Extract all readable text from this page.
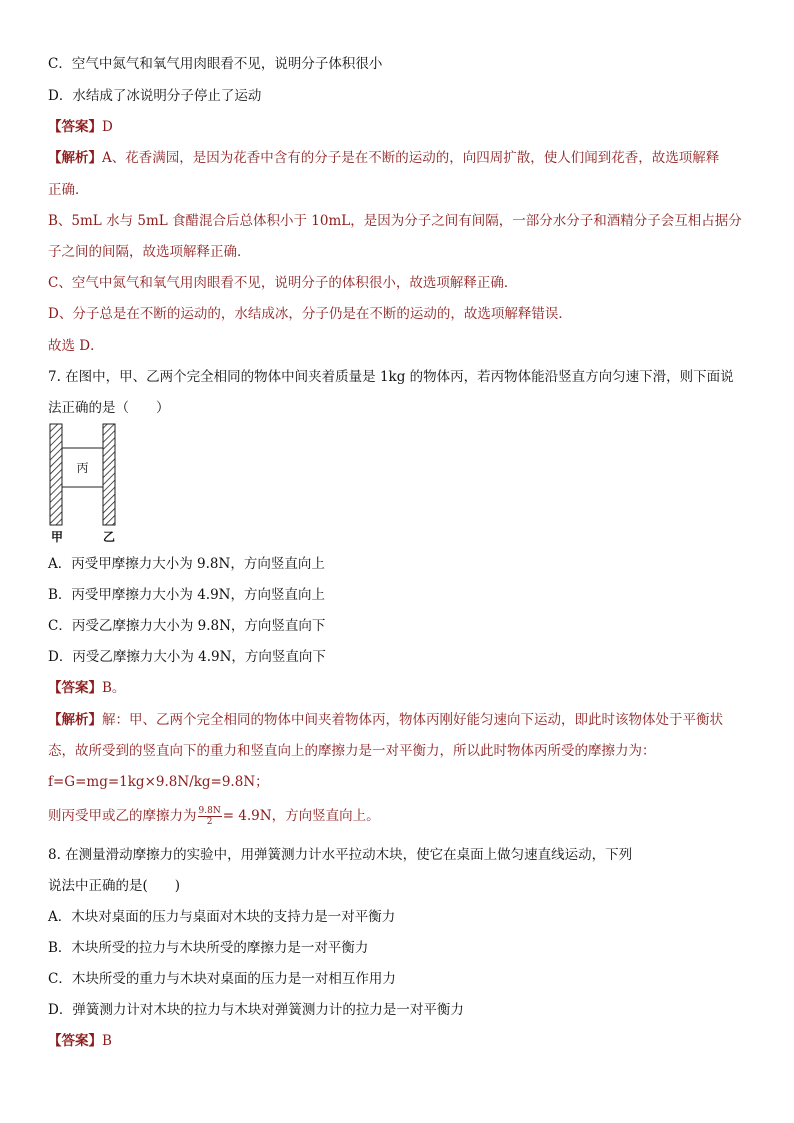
C．空气中氮气和氧气用肉眼看不见，说明分子体积很小
D．水结成了冰说明分子停止了运动
【答案】D
【解析】A、花香满园，是因为花香中含有的分子是在不断的运动的，向四周扩散，使人们闻到花香，故选项解释
正确．
B、5mL 水与 5mL 食醋混合后总体积小于 10mL，是因为分子之间有间隔，一部分水分子和酒精分子会互相占据分
子之间的间隔，故选项解释正确．
C、空气中氮气和氧气用肉眼看不见，说明分子的体积很小，故选项解释正确．
D、分子总是在不断的运动的，水结成冰，分子仍是在不断的运动的，故选项解释错误．
故选 D．
7. 在图中，甲、乙两个完全相同的物体中间夹着质量是 1kg 的物体丙，若丙物体能沿竖直方向匀速下滑，则下面说
法正确的是（　　）
丙
甲	乙
A．丙受甲摩擦力大小为 9.8N，方向竖直向上
B．丙受甲摩擦力大小为 4.9N，方向竖直向上
C．丙受乙摩擦力大小为 9.8N，方向竖直向下
D．丙受乙摩擦力大小为 4.9N，方向竖直向下
【答案】B。
【解析】解：甲、乙两个完全相同的物体中间夹着物体丙，物体丙刚好能匀速向下运动，即此时该物体处于平衡状
态，故所受到的竖直向下的重力和竖直向上的摩擦力是一对平衡力，所以此时物体丙所受的摩擦力为：
f=G=mg=1kg×9.8N/kg=9.8N；
则丙受甲或乙的摩擦力为 $\frac{9.8N}{2} = 4.9N$，方向竖直向上。
8. 在测量滑动摩擦力的实验中，用弹簧测力计水平拉动木块，使它在桌面上做匀速直线运动，下列
说法中正确的是(　　)
A．木块对桌面的压力与桌面对木块的支持力是一对平衡力
B．木块所受的拉力与木块所受的摩擦力是一对平衡力
C．木块所受的重力与木块对桌面的压力是一对相互作用力
D．弹簧测力计对木块的拉力与木块对弹簧测力计的拉力是一对平衡力
【答案】B
